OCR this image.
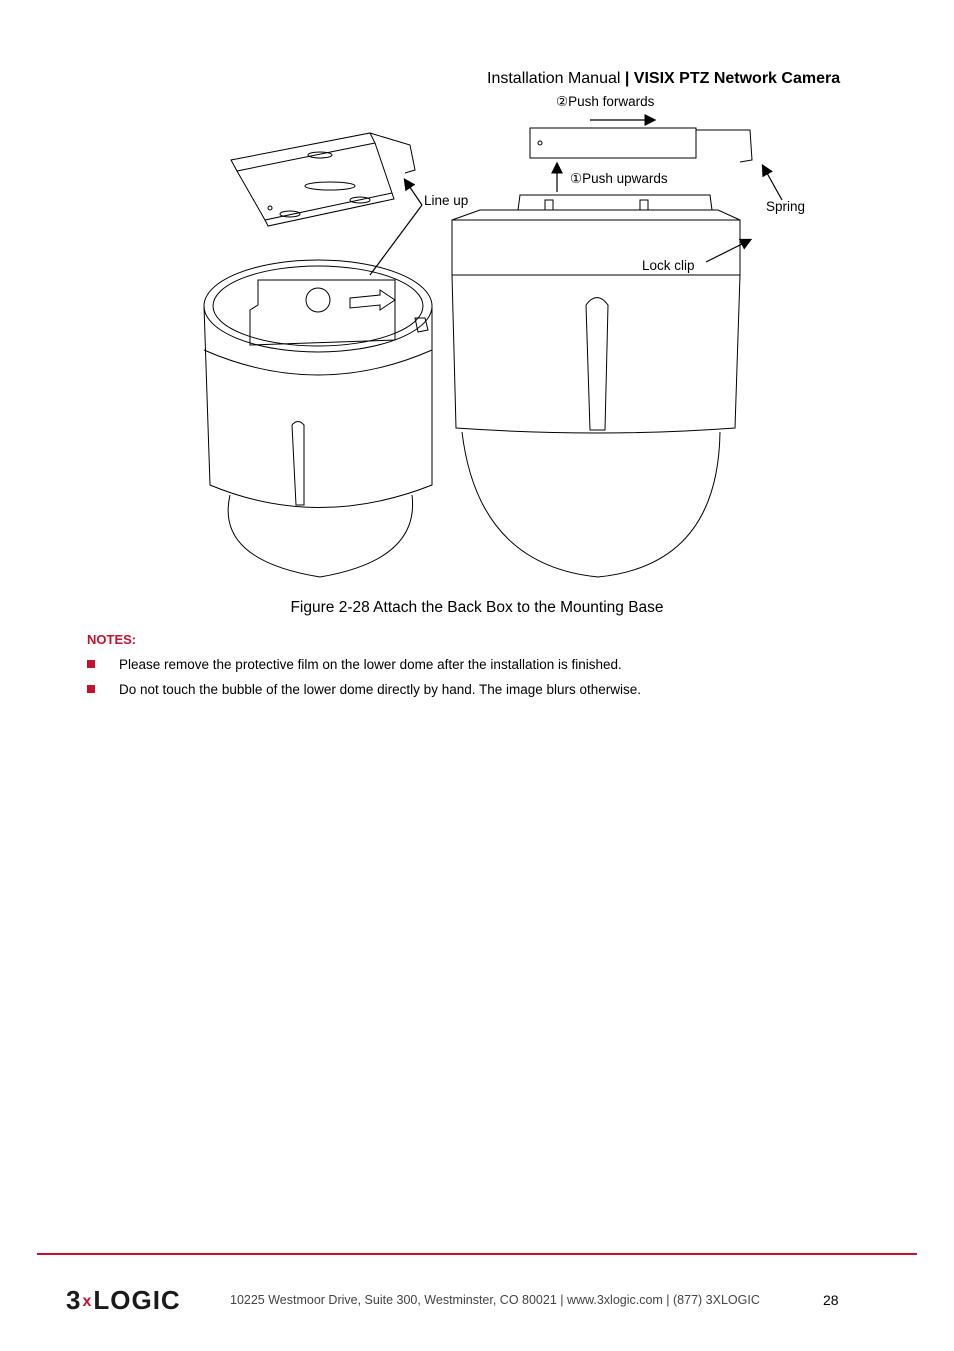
Installation Manual | VISIX PTZ Network Camera
②Push forwards
①Push upwards
Line up	Spring
Lock clip
Figure 2-28 Attach the Back Box to the Mounting Base
NOTES:
Please remove the protective film on the lower dome after the installation is finished.
Do not touch the bubble of the lower dome directly by hand. The image blurs otherwise.
3xLOGIC	10225 Westmoor Drive, Suite 300, Westminster, CO 80021 | www.3xlogic.com | (877) 3XLOGIC	28
